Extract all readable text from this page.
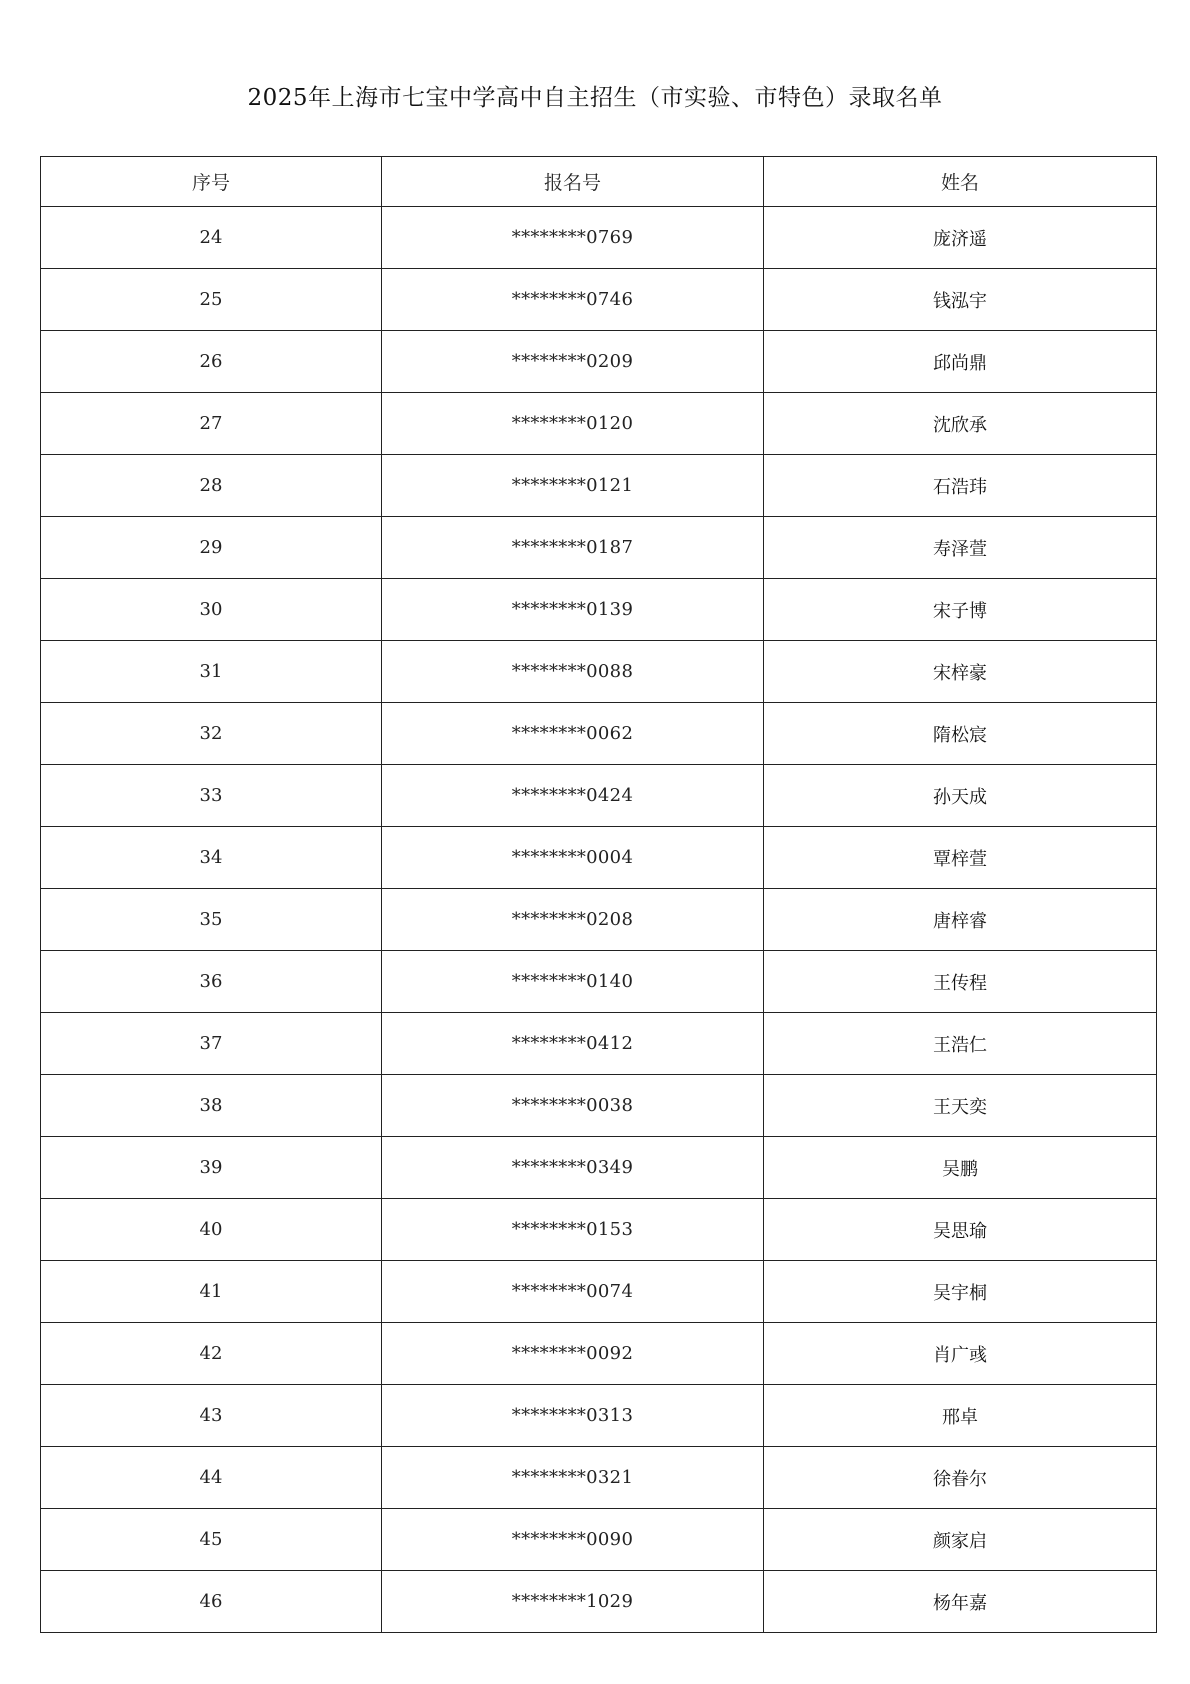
2025年上海市七宝中学高中自主招生（市实验、市特色）录取名单
序号	报名号	姓名
24	********0769	庞济遥
25	********0746	钱泓宇
26	********0209	邱尚鼎
27	********0120	沈欣承
28	********0121	石浩玮
29	********0187	寿泽萱
30	********0139	宋子博
31	********0088	宋梓豪
32	********0062	隋松宸
33	********0424	孙天成
34	********0004	覃梓萱
35	********0208	唐梓睿
36	********0140	王传程
37	********0412	王浩仁
38	********0038	王天奕
39	********0349	吴鹏
40	********0153	吴思瑜
41	********0074	吴宇桐
42	********0092	肖广彧
43	********0313	邢卓
44	********0321	徐眷尔
45	********0090	颜家启
46	********1029	杨年嘉
